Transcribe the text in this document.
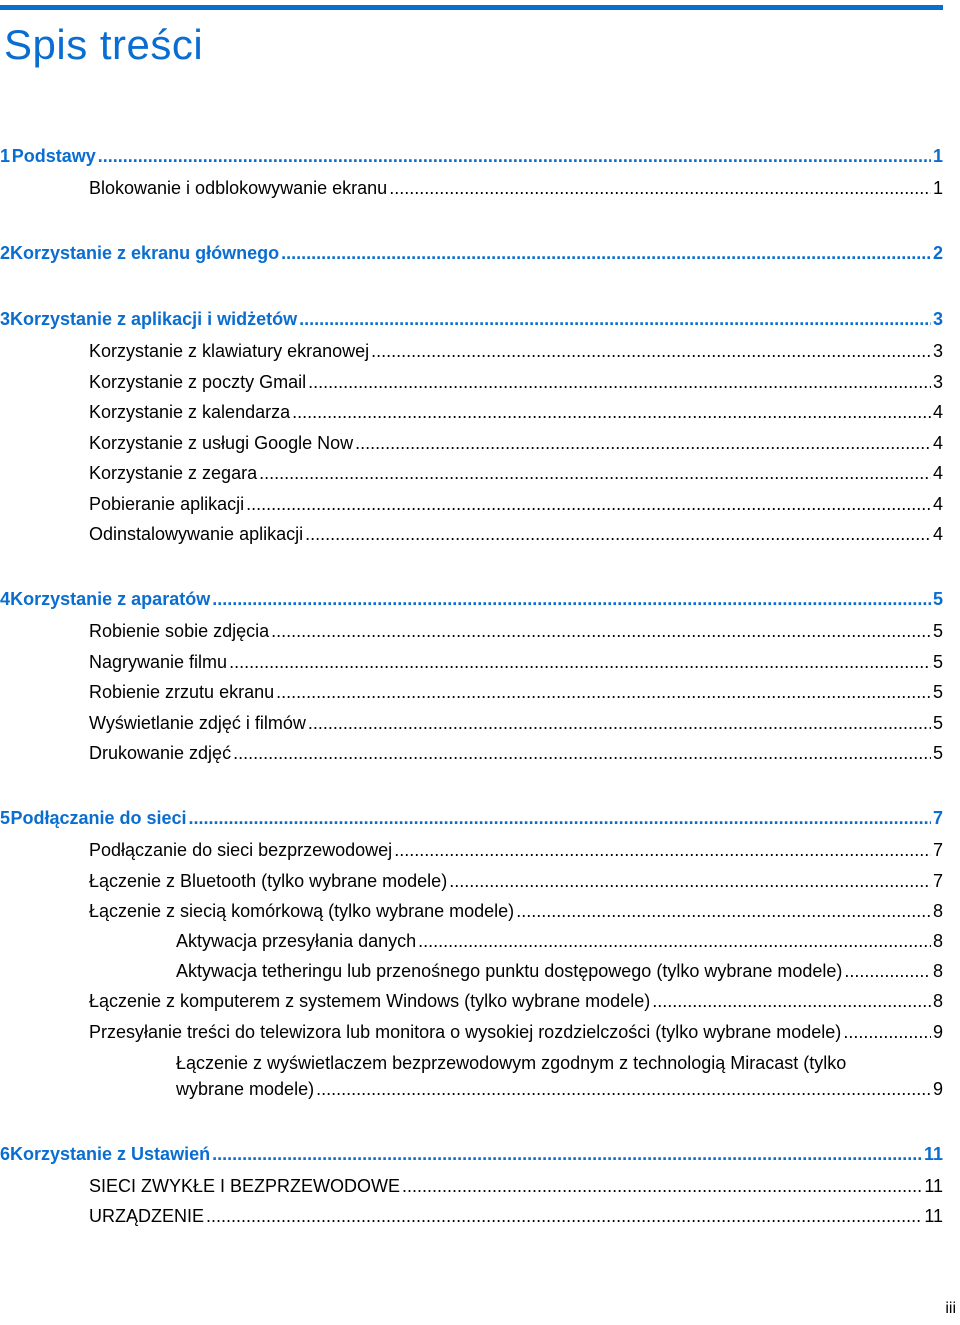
Spis treści
1 Podstawy .....	1
Blokowanie i odblokowywanie ekranu .....	1
2 Korzystanie z ekranu głównego .....	2
3 Korzystanie z aplikacji i widżetów .....	3
Korzystanie z klawiatury ekranowej .....	3
Korzystanie z poczty Gmail .....	3
Korzystanie z kalendarza .....	4
Korzystanie z usługi Google Now .....	4
Korzystanie z zegara .....	4
Pobieranie aplikacji .....	4
Odinstalowywanie aplikacji .....	4
4 Korzystanie z aparatów .....	5
Robienie sobie zdjęcia .....	5
Nagrywanie filmu .....	5
Robienie zrzutu ekranu .....	5
Wyświetlanie zdjęć i filmów .....	5
Drukowanie zdjęć .....	5
5 Podłączanie do sieci .....	7
Podłączanie do sieci bezprzewodowej .....	7
Łączenie z Bluetooth (tylko wybrane modele) .....	7
Łączenie z siecią komórkową (tylko wybrane modele) .....	8
Aktywacja przesyłania danych .....	8
Aktywacja tetheringu lub przenośnego punktu dostępowego (tylko wybrane modele) .....	8
Łączenie z komputerem z systemem Windows (tylko wybrane modele) .....	8
Przesyłanie treści do telewizora lub monitora o wysokiej rozdzielczości (tylko wybrane modele) .....	9
Łączenie z wyświetlaczem bezprzewodowym zgodnym z technologią Miracast (tylko
wybrane modele) .....	9
6 Korzystanie z Ustawień .....	11
SIECI ZWYKŁE I BEZPRZEWODOWE .....	11
URZĄDZENIE .....	11
iii
